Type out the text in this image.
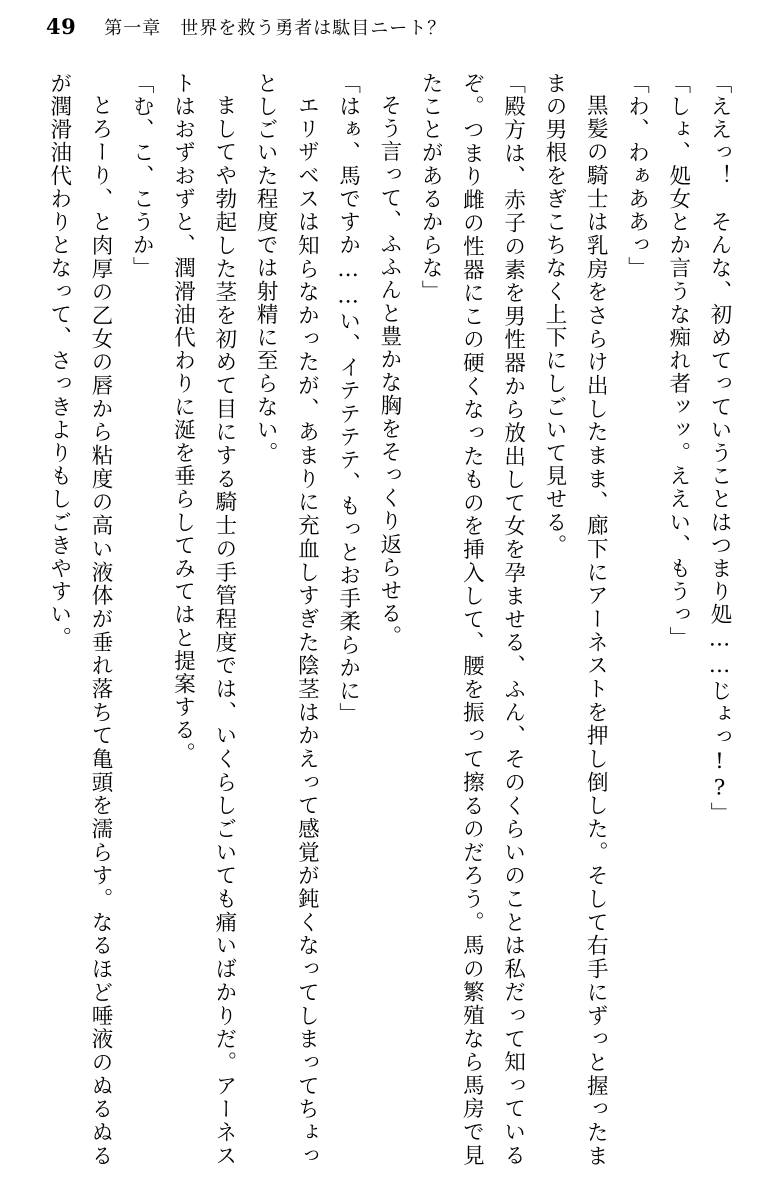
49 第一章　世界を救う勇者は駄目ニート？

「ええっ！　そんな、初めてっていうことはつまり処……じょっ!?」

「しょ、処女とか言うな痴れ者ッッ。ええい、もうっ」

「わ、わぁああっ」

黒髪の騎士は乳房をさらけ出したまま、廊下にアーネストを押し倒した。そして右手にずっと握ったままの男根をぎこちなく上下にしごいて見せる。

「殿方は、赤子の素を男性器から放出して女を孕ませる、ふん、そのくらいのことは私だって知っているぞ。つまり雌の性器にこの硬くなったものを挿入して、腰を振って擦るのだろう。馬の繁殖なら馬房で見たことがあるからな」

そう言って、ふふんと豊かな胸をそっくり返らせる。

「はぁ、馬ですか……い、イテテテテ、もっとお手柔らかに」

エリザベスは知らなかったが、あまりに充血しすぎた陰茎はかえって感覚が鈍くなってしまってちょっとしごいた程度では射精に至らない。

ましてや勃起した茎を初めて目にする騎士の手管程度では、いくらしごいても痛いばかりだ。アーネストはおずおずと、潤滑油代わりに涎を垂らしてみてはと提案する。

「む、こ、こうか」

とろーり、と肉厚の乙女の唇から粘度の高い液体が垂れ落ちて亀頭を濡らす。なるほど唾液のぬるぬるが潤滑油代わりとなって、さっきよりもしごきやすい。
